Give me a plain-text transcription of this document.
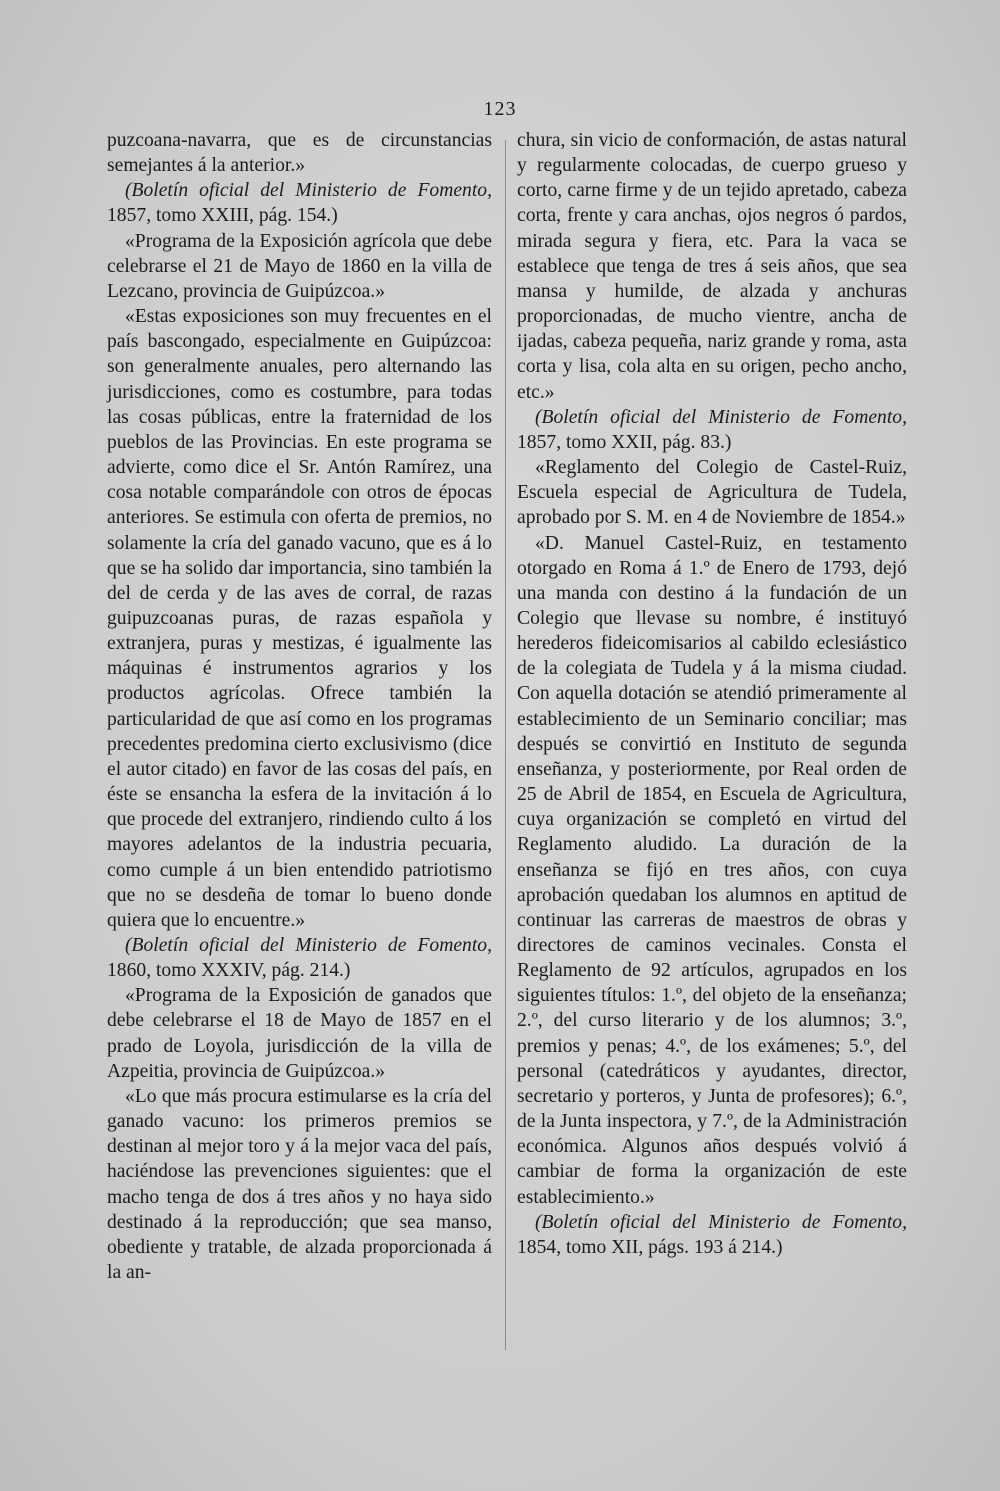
123

puzcoana-navarra, que es de circunstancias semejantes á la anterior.»

(Boletín oficial del Ministerio de Fomento, 1857, tomo XXIII, pág. 154.)

«Programa de la Exposición agrícola que debe celebrarse el 21 de Mayo de 1860 en la villa de Lezcano, provincia de Guipúzcoa.»

«Estas exposiciones son muy frecuentes en el país bascongado, especialmente en Guipúzcoa: son generalmente anuales, pero alternando las jurisdicciones, como es costumbre, para todas las cosas públicas, entre la fraternidad de los pueblos de las Provincias. En este programa se advierte, como dice el Sr. Antón Ramírez, una cosa notable comparándole con otros de épocas anteriores. Se estimula con oferta de premios, no solamente la cría del ganado vacuno, que es á lo que se ha solido dar importancia, sino también la del de cerda y de las aves de corral, de razas guipuzcoanas puras, de razas española y extranjera, puras y mestizas, é igualmente las máquinas é instrumentos agrarios y los productos agrícolas. Ofrece también la particularidad de que así como en los programas precedentes predomina cierto exclusivismo (dice el autor citado) en favor de las cosas del país, en éste se ensancha la esfera de la invitación á lo que procede del extranjero, rindiendo culto á los mayores adelantos de la industria pecuaria, como cumple á un bien entendido patriotismo que no se desdeña de tomar lo bueno donde quiera que lo encuentre.»

(Boletín oficial del Ministerio de Fomento, 1860, tomo XXXIV, pág. 214.)

«Programa de la Exposición de ganados que debe celebrarse el 18 de Mayo de 1857 en el prado de Loyola, jurisdicción de la villa de Azpeitia, provincia de Guipúzcoa.»

«Lo que más procura estimularse es la cría del ganado vacuno: los primeros premios se destinan al mejor toro y á la mejor vaca del país, haciéndose las prevenciones siguientes: que el macho tenga de dos á tres años y no haya sido destinado á la reproducción; que sea manso, obediente y tratable, de alzada proporcionada á la an-

chura, sin vicio de conformación, de astas natural y regularmente colocadas, de cuerpo grueso y corto, carne firme y de un tejido apretado, cabeza corta, frente y cara anchas, ojos negros ó pardos, mirada segura y fiera, etc. Para la vaca se establece que tenga de tres á seis años, que sea mansa y humilde, de alzada y anchuras proporcionadas, de mucho vientre, ancha de ijadas, cabeza pequeña, nariz grande y roma, asta corta y lisa, cola alta en su origen, pecho ancho, etc.»

(Boletín oficial del Ministerio de Fomento, 1857, tomo XXII, pág. 83.)

«Reglamento del Colegio de Castel-Ruiz, Escuela especial de Agricultura de Tudela, aprobado por S. M. en 4 de Noviembre de 1854.»

«D. Manuel Castel-Ruiz, en testamento otorgado en Roma á 1.º de Enero de 1793, dejó una manda con destino á la fundación de un Colegio que llevase su nombre, é instituyó herederos fideicomisarios al cabildo eclesiástico de la colegiata de Tudela y á la misma ciudad. Con aquella dotación se atendió primeramente al establecimiento de un Seminario conciliar; mas después se convirtió en Instituto de segunda enseñanza, y posteriormente, por Real orden de 25 de Abril de 1854, en Escuela de Agricultura, cuya organización se completó en virtud del Reglamento aludido. La duración de la enseñanza se fijó en tres años, con cuya aprobación quedaban los alumnos en aptitud de continuar las carreras de maestros de obras y directores de caminos vecinales. Consta el Reglamento de 92 artículos, agrupados en los siguientes títulos: 1.º, del objeto de la enseñanza; 2.º, del curso literario y de los alumnos; 3.º, premios y penas; 4.º, de los exámenes; 5.º, del personal (catedráticos y ayudantes, director, secretario y porteros, y Junta de profesores); 6.º, de la Junta inspectora, y 7.º, de la Administración económica. Algunos años después volvió á cambiar de forma la organización de este establecimiento.»

(Boletín oficial del Ministerio de Fomento, 1854, tomo XII, págs. 193 á 214.)
